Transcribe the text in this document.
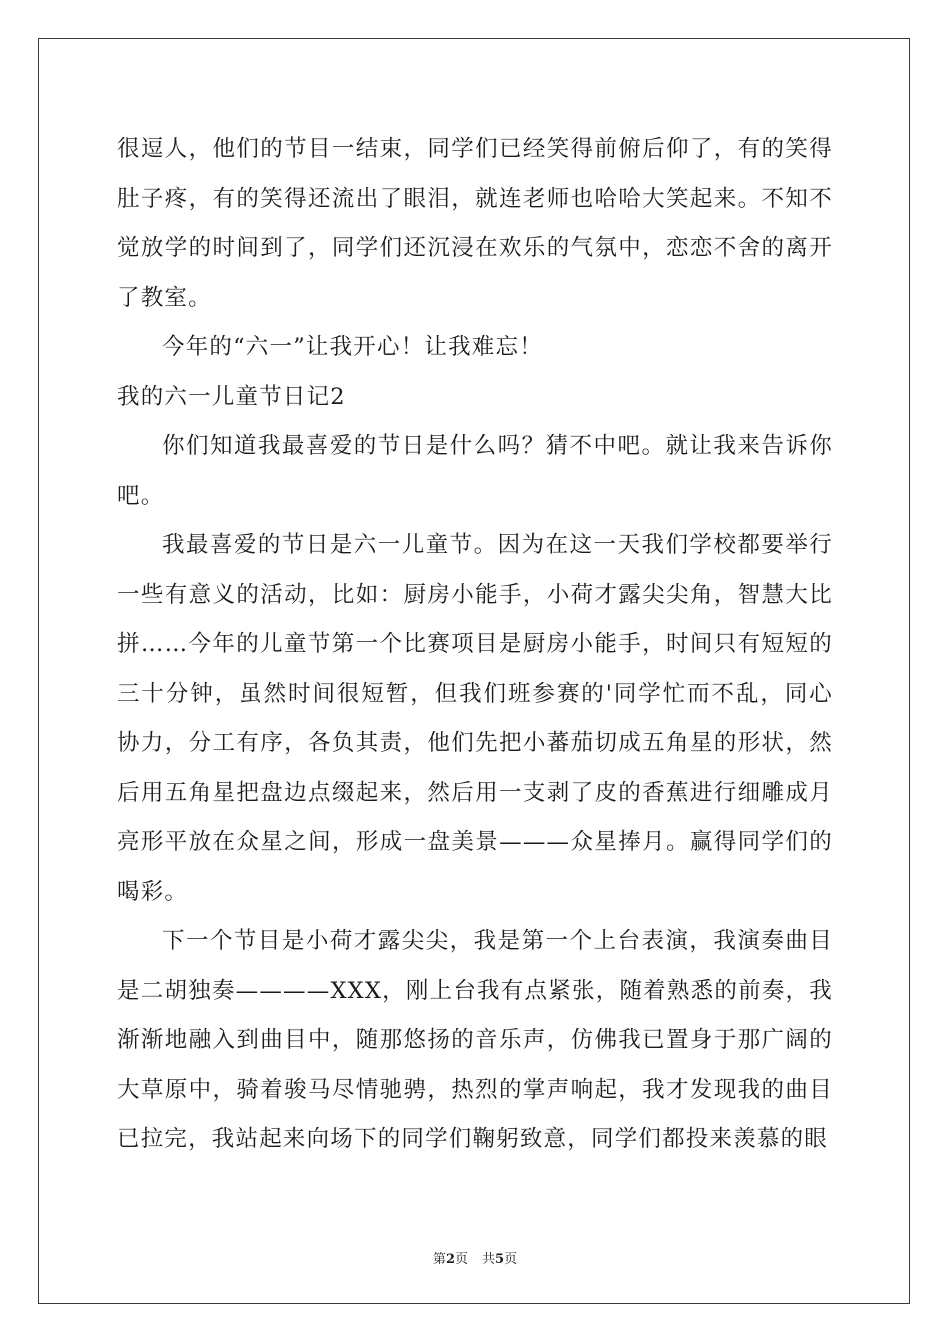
很逗人，他们的节目一结束，同学们已经笑得前俯后仰了，有的笑得肚子疼，有的笑得还流出了眼泪，就连老师也哈哈大笑起来。不知不觉放学的时间到了，同学们还沉浸在欢乐的气氛中，恋恋不舍的离开了教室。

今年的“六一”让我开心！让我难忘！

我的六一儿童节日记2

你们知道我最喜爱的节日是什么吗？猜不中吧。就让我来告诉你吧。

我最喜爱的节日是六一儿童节。因为在这一天我们学校都要举行一些有意义的活动，比如：厨房小能手，小荷才露尖尖角，智慧大比拼……今年的儿童节第一个比赛项目是厨房小能手，时间只有短短的三十分钟，虽然时间很短暂，但我们班参赛的'同学忙而不乱，同心协力，分工有序，各负其责，他们先把小蕃茄切成五角星的形状，然后用五角星把盘边点缀起来，然后用一支剥了皮的香蕉进行细雕成月亮形平放在众星之间，形成一盘美景———众星捧月。赢得同学们的喝彩。

下一个节目是小荷才露尖尖，我是第一个上台表演，我演奏曲目是二胡独奏————XXX，刚上台我有点紧张，随着熟悉的前奏，我渐渐地融入到曲目中，随那悠扬的音乐声，仿佛我已置身于那广阔的大草原中，骑着骏马尽情驰骋，热烈的掌声响起，我才发现我的曲目已拉完，我站起来向场下的同学们鞠躬致意，同学们都投来羡慕的眼

第2页 共5页
